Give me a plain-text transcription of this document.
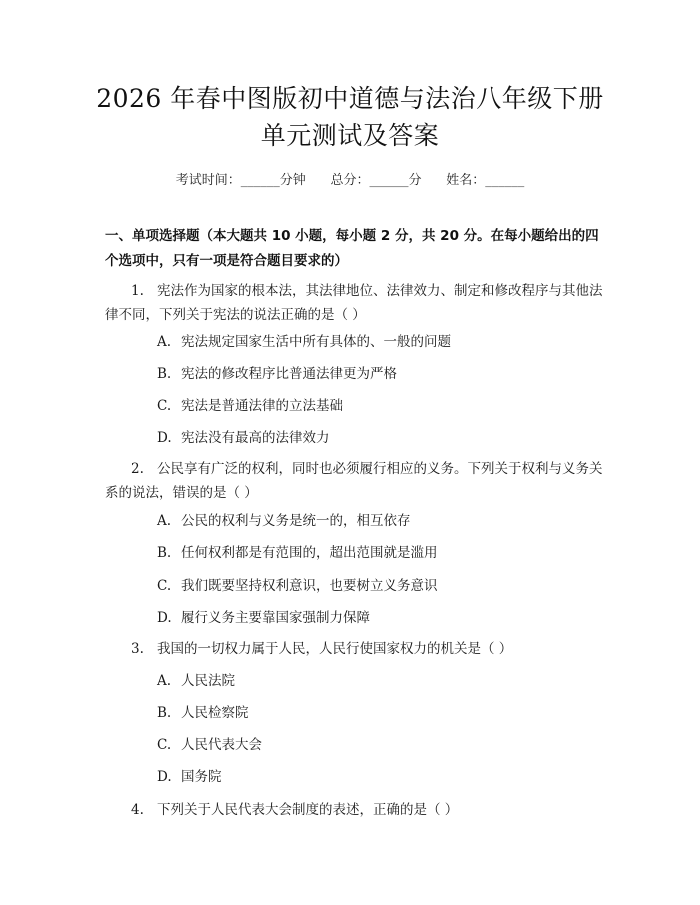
2026 年春中图版初中道德与法治八年级下册
单元测试及答案
考试时间：______分钟      总分：______分      姓名：______
一、单项选择题（本大题共 10 小题，每小题 2 分，共 20 分。在每小题给出的四个选项中，只有一项是符合题目要求的）
1. 宪法作为国家的根本法，其法律地位、法律效力、制定和修改程序与其他法律不同，下列关于宪法的说法正确的是（ ）
A. 宪法规定国家生活中所有具体的、一般的问题
B. 宪法的修改程序比普通法律更为严格
C. 宪法是普通法律的立法基础
D. 宪法没有最高的法律效力
2. 公民享有广泛的权利，同时也必须履行相应的义务。下列关于权利与义务关系的说法，错误的是（ ）
A. 公民的权利与义务是统一的，相互依存
B. 任何权利都是有范围的，超出范围就是滥用
C. 我们既要坚持权利意识，也要树立义务意识
D. 履行义务主要靠国家强制力保障
3. 我国的一切权力属于人民，人民行使国家权力的机关是（ ）
A. 人民法院
B. 人民检察院
C. 人民代表大会
D. 国务院
4. 下列关于人民代表大会制度的表述，正确的是（ ）
